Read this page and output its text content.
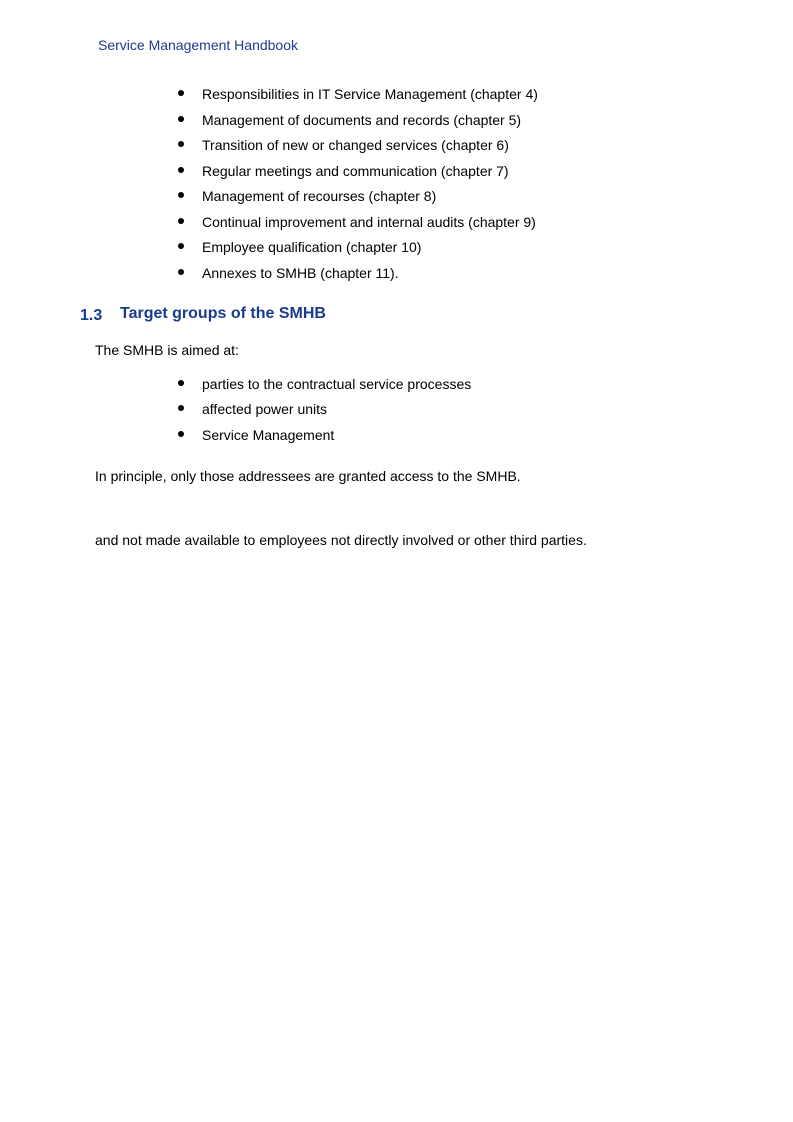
Service Management Handbook
Responsibilities in IT Service Management (chapter 4)
Management of documents and records (chapter 5)
Transition of new or changed services (chapter 6)
Regular meetings and communication (chapter 7)
Management of recourses (chapter 8)
Continual improvement and internal audits (chapter 9)
Employee qualification (chapter 10)
Annexes to SMHB (chapter 11).
1.3 Target groups of the SMHB
The SMHB is aimed at:
parties to the contractual service processes
affected power units
Service Management
In principle, only those addressees are granted access to the SMHB.
and not made available to employees not directly involved or other third parties.
